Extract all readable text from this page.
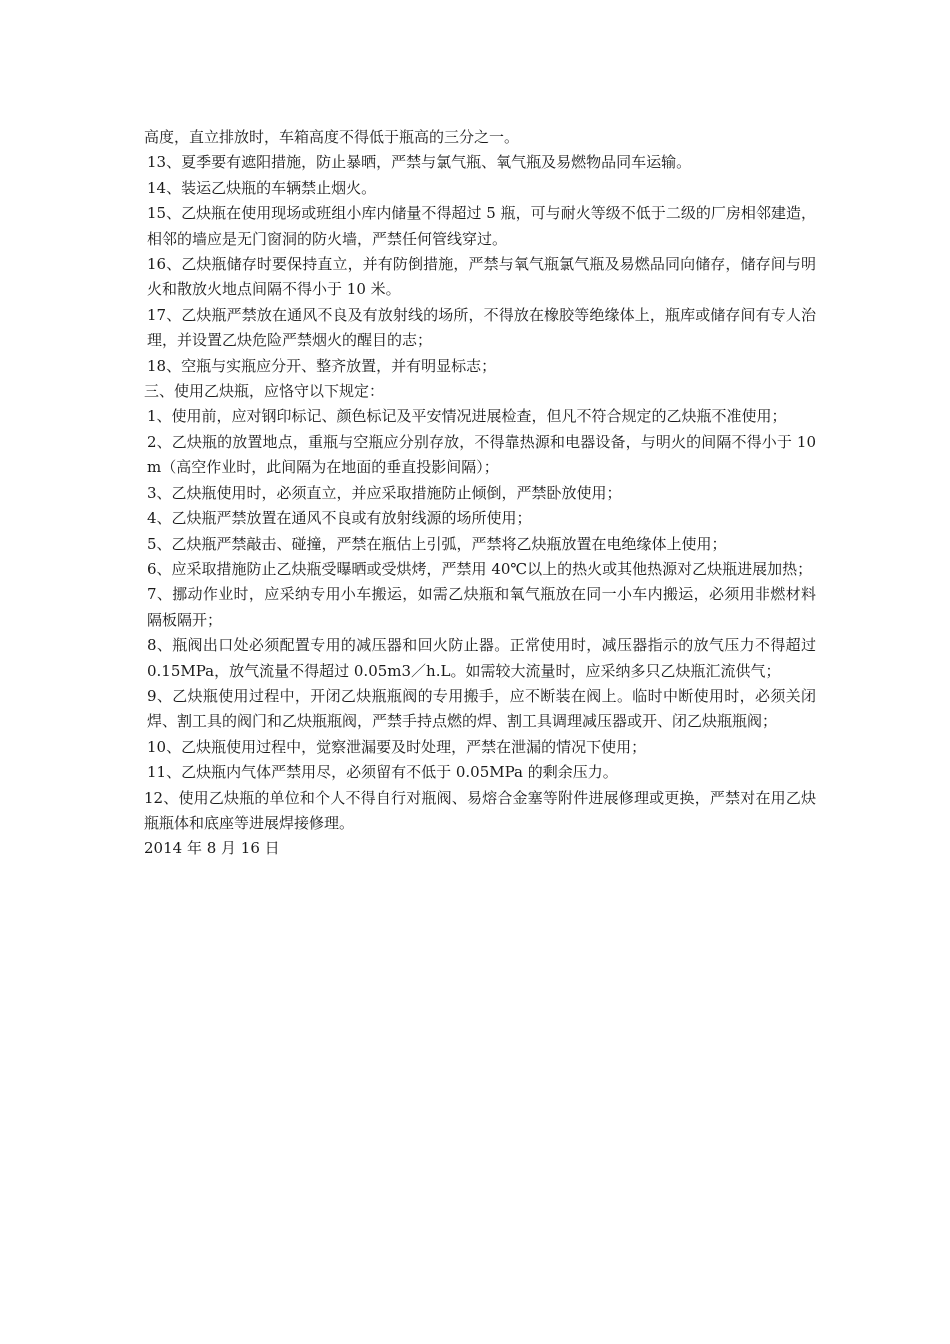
高度，直立排放时，车箱高度不得低于瓶高的三分之一。

13、夏季要有遮阳措施，防止暴晒，严禁与氯气瓶、氧气瓶及易燃物品同车运输。

14、装运乙炔瓶的车辆禁止烟火。

15、乙炔瓶在使用现场或班组小库内储量不得超过 5 瓶，可与耐火等级不低于二级的厂房相邻建造，相邻的墙应是无门窗洞的防火墙，严禁任何管线穿过。

16、乙炔瓶储存时要保持直立，并有防倒措施，严禁与氧气瓶氯气瓶及易燃品同向储存，储存间与明火和散放火地点间隔不得小于 10 米。

17、乙炔瓶严禁放在通风不良及有放射线的场所，不得放在橡胶等绝缘体上，瓶库或储存间有专人治理，并设置乙炔危险严禁烟火的醒目的志；

18、空瓶与实瓶应分开、整齐放置，并有明显标志；

三、使用乙炔瓶，应恪守以下规定：

1、使用前，应对钢印标记、颜色标记及平安情况进展检查，但凡不符合规定的乙炔瓶不准使用；

2、乙炔瓶的放置地点，重瓶与空瓶应分别存放，不得靠热源和电器设备，与明火的间隔不得小于 10m（高空作业时，此间隔为在地面的垂直投影间隔）；

3、乙炔瓶使用时，必须直立，并应采取措施防止倾倒，严禁卧放使用；

4、乙炔瓶严禁放置在通风不良或有放射线源的场所使用；

5、乙炔瓶严禁敲击、碰撞，严禁在瓶估上引弧，严禁将乙炔瓶放置在电绝缘体上使用；

6、应采取措施防止乙炔瓶受曝晒或受烘烤，严禁用 40℃以上的热火或其他热源对乙炔瓶进展加热；

7、挪动作业时，应采纳专用小车搬运，如需乙炔瓶和氧气瓶放在同一小车内搬运，必须用非燃材料隔板隔开；

8、瓶阀出口处必须配置专用的减压器和回火防止器。正常使用时，减压器指示的放气压力不得超过 0.15MPa，放气流量不得超过 0.05m3／h.L。如需较大流量时，应采纳多只乙炔瓶汇流供气；

9、乙炔瓶使用过程中，开闭乙炔瓶瓶阀的专用搬手，应不断装在阀上。临时中断使用时，必须关闭焊、割工具的阀门和乙炔瓶瓶阀，严禁手持点燃的焊、割工具调理减压器或开、闭乙炔瓶瓶阀；

10、乙炔瓶使用过程中，觉察泄漏要及时处理，严禁在泄漏的情况下使用；

11、乙炔瓶内气体严禁用尽，必须留有不低于 0.05MPa 的剩余压力。

12、使用乙炔瓶的单位和个人不得自行对瓶阀、易熔合金塞等附件进展修理或更换，严禁对在用乙炔瓶瓶体和底座等进展焊接修理。

2014 年 8 月 16 日
